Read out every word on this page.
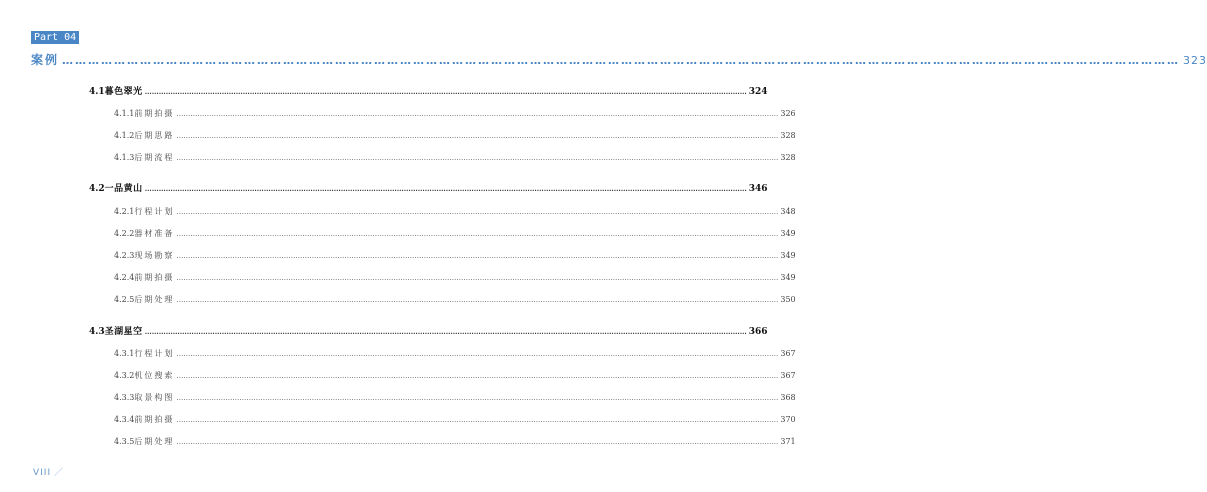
Part 04
案例 …………………………………………………………………………………………………………………………………………………………………………………………………………………………………… 323
4.1 暮色翠光 …………………………………………………………………………………………………………………………………………………………………………………………………………………………………… 324
4.1.1 前期拍摄 …………………………………………………………………………………………………………………………………………………………………………………………………………………………………… 326
4.1.2 后期思路 …………………………………………………………………………………………………………………………………………………………………………………………………………………………………… 328
4.1.3 后期流程 …………………………………………………………………………………………………………………………………………………………………………………………………………………………………… 328
4.2 一品黄山 …………………………………………………………………………………………………………………………………………………………………………………………………………………………………… 346
4.2.1 行程计划 …………………………………………………………………………………………………………………………………………………………………………………………………………………………………… 348
4.2.2 器材准备 …………………………………………………………………………………………………………………………………………………………………………………………………………………………………… 349
4.2.3 现场勘察 …………………………………………………………………………………………………………………………………………………………………………………………………………………………………… 349
4.2.4 前期拍摄 …………………………………………………………………………………………………………………………………………………………………………………………………………………………………… 349
4.2.5 后期处理 …………………………………………………………………………………………………………………………………………………………………………………………………………………………………… 350
4.3 圣湖星空 …………………………………………………………………………………………………………………………………………………………………………………………………………………………………… 366
4.3.1 行程计划 …………………………………………………………………………………………………………………………………………………………………………………………………………………………………… 367
4.3.2 机位搜索 …………………………………………………………………………………………………………………………………………………………………………………………………………………………………… 367
4.3.3 取景构图 …………………………………………………………………………………………………………………………………………………………………………………………………………………………………… 368
4.3.4 前期拍摄 …………………………………………………………………………………………………………………………………………………………………………………………………………………………………… 370
4.3.5 后期处理 …………………………………………………………………………………………………………………………………………………………………………………………………………………………………… 371
VIII ／
